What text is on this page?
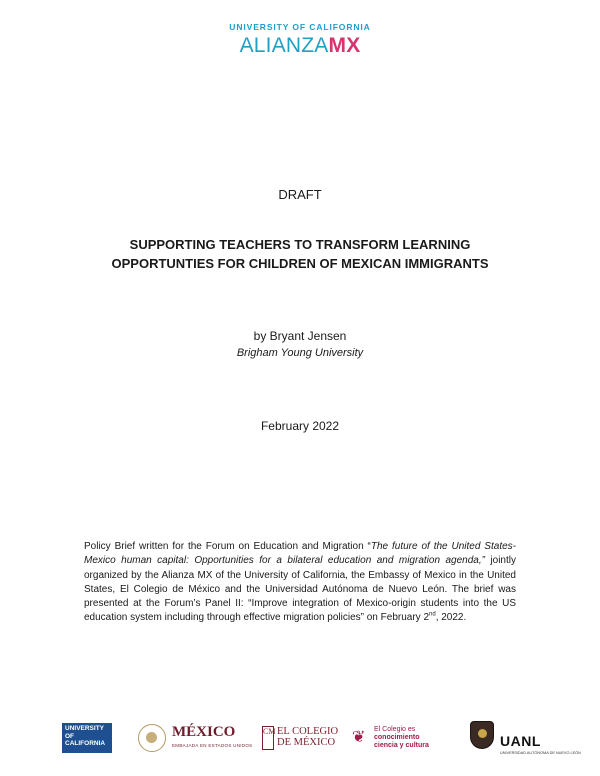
UNIVERSITY OF CALIFORNIA
ALIANZAMX
DRAFT
SUPPORTING TEACHERS TO TRANSFORM LEARNING
OPPORTUNTIES FOR CHILDREN OF MEXICAN IMMIGRANTS
by Bryant Jensen
Brigham Young University
February 2022
Policy Brief written for the Forum on Education and Migration “The future of the United States-Mexico human capital: Opportunities for a bilateral education and migration agenda,” jointly organized by the Alianza MX of the University of California, the Embassy of Mexico in the United States, El Colegio de México and the Universidad Autónoma de Nuevo León. The brief was presented at the Forum’s Panel II: “Improve integration of Mexico-origin students into the US education system including through effective migration policies” on February 2nd, 2022.
UNIVERSITY
OF
CALIFORNIA
MÉXICO
EMBAJADA EN ESTADOS UNIDOS
CM EL COLEGIO
DE MÉXICO ❦	El Colegio es
conocimiento
ciencia y cultura	UANL
UNIVERSIDAD AUTÓNOMA DE NUEVO LEÓN
